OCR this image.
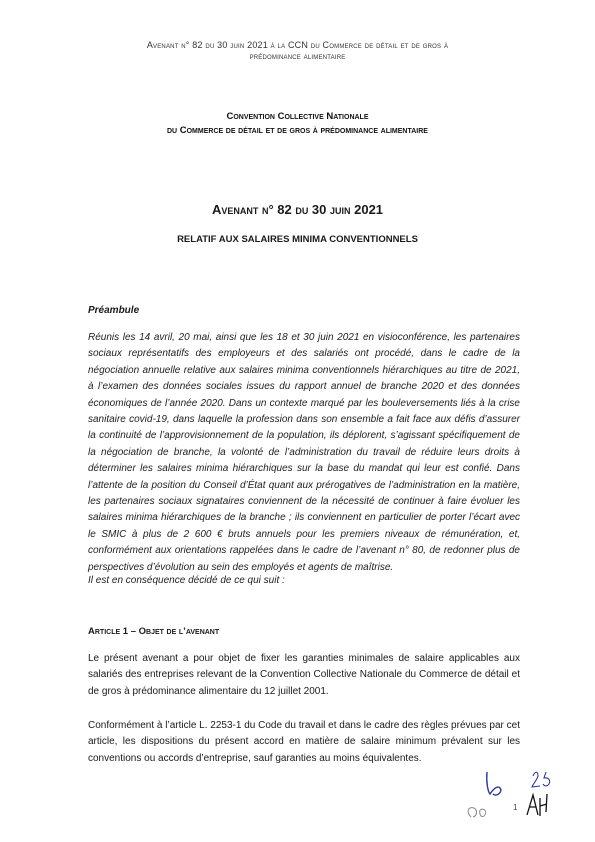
Avenant n° 82 du 30 juin 2021 à la CCN du Commerce de détail et de gros à
prédominance alimentaire
Convention Collective Nationale
du Commerce de détail et de gros à prédominance alimentaire
Avenant n° 82 du 30 juin 2021
RELATIF AUX SALAIRES MINIMA CONVENTIONNELS
Préambule
Réunis les 14 avril, 20 mai, ainsi que les 18 et 30 juin 2021 en visioconférence, les partenaires sociaux représentatifs des employeurs et des salariés ont procédé, dans le cadre de la négociation annuelle relative aux salaires minima conventionnels hiérarchiques au titre de 2021, à l’examen des données sociales issues du rapport annuel de branche 2020 et des données économiques de l’année 2020. Dans un contexte marqué par les bouleversements liés à la crise sanitaire covid-19, dans laquelle la profession dans son ensemble a fait face aux défis d’assurer la continuité de l’approvisionnement de la population, ils déplorent, s’agissant spécifiquement de la négociation de branche, la volonté de l’administration du travail de réduire leurs droits à déterminer les salaires minima hiérarchiques sur la base du mandat qui leur est confié. Dans l’attente de la position du Conseil d’État quant aux prérogatives de l’administration en la matière, les partenaires sociaux signataires conviennent de la nécessité de continuer à faire évoluer les salaires minima hiérarchiques de la branche ; ils conviennent en particulier de porter l’écart avec le SMIC à plus de 2 600 € bruts annuels pour les premiers niveaux de rémunération, et, conformément aux orientations rappelées dans le cadre de l’avenant n° 80, de redonner plus de perspectives d’évolution au sein des employés et agents de maîtrise.
Il est en conséquence décidé de ce qui suit :
Article 1 – Objet de l’avenant
Le présent avenant a pour objet de fixer les garanties minimales de salaire applicables aux salariés des entreprises relevant de la Convention Collective Nationale du Commerce de détail et de gros à prédominance alimentaire du 12 juillet 2001.
Conformément à l’article L. 2253-1 du Code du travail et dans le cadre des règles prévues par cet article, les dispositions du présent accord en matière de salaire minimum prévalent sur les conventions ou accords d’entreprise, sauf garanties au moins équivalentes.
1
